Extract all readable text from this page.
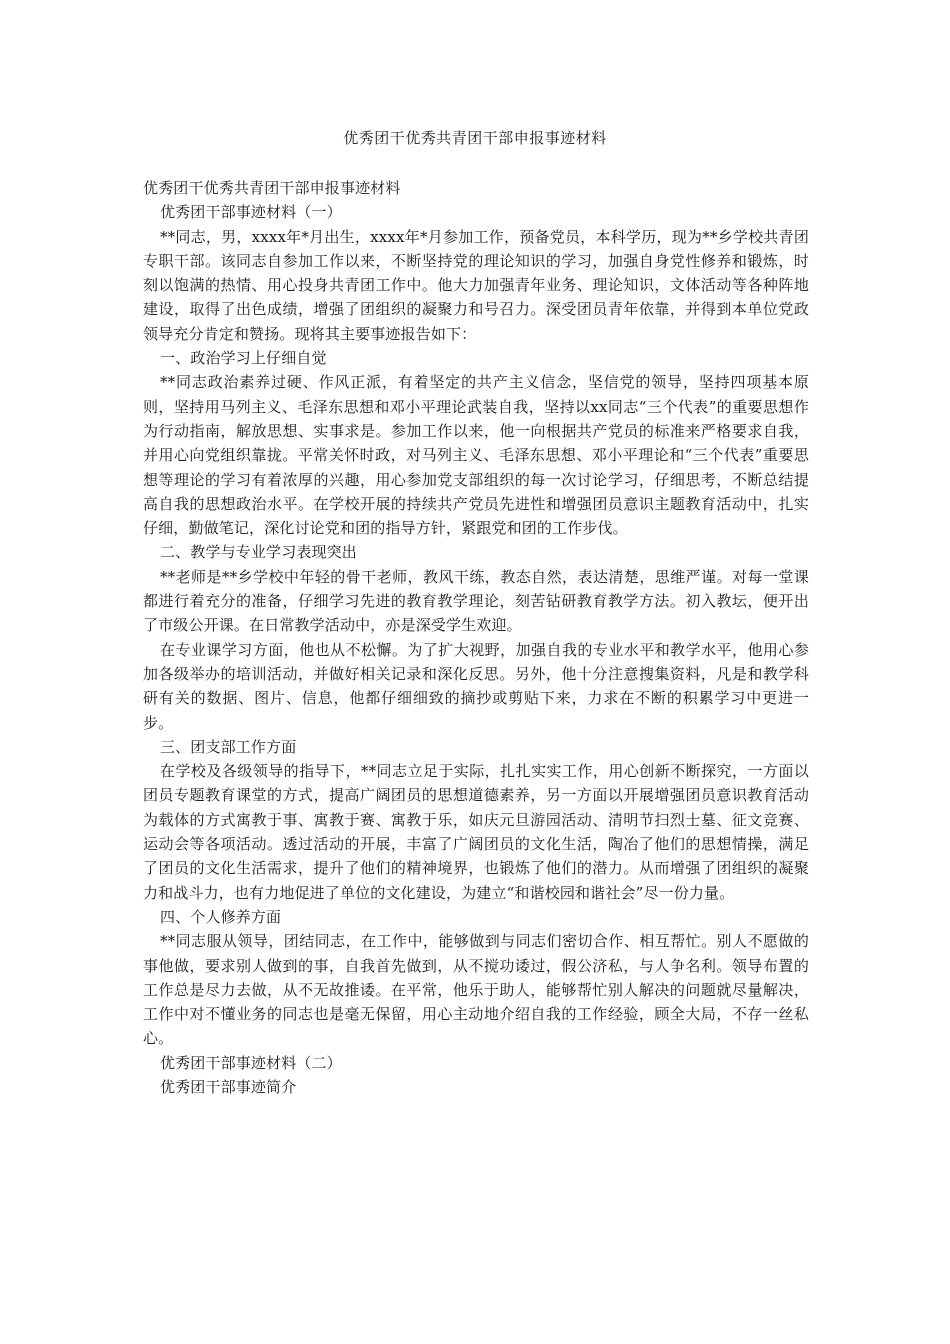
优秀团干优秀共青团干部申报事迹材料

优秀团干优秀共青团干部申报事迹材料

优秀团干部事迹材料（一）

**同志，男，xxxx年*月出生，xxxx年*月参加工作，预备党员，本科学历，现为**乡学校共青团专职干部。该同志自参加工作以来，不断坚持党的理论知识的学习，加强自身党性修养和锻炼，时刻以饱满的热情、用心投身共青团工作中。他大力加强青年业务、理论知识，文体活动等各种阵地建设，取得了出色成绩，增强了团组织的凝聚力和号召力。深受团员青年依靠，并得到本单位党政领导充分肯定和赞扬。现将其主要事迹报告如下：

一、政治学习上仔细自觉

**同志政治素养过硬、作风正派，有着坚定的共产主义信念，坚信党的领导，坚持四项基本原则，坚持用马列主义、毛泽东思想和邓小平理论武装自我，坚持以xx同志“三个代表”的重要思想作为行动指南，解放思想、实事求是。参加工作以来，他一向根据共产党员的标准来严格要求自我，并用心向党组织靠拢。平常关怀时政，对马列主义、毛泽东思想、邓小平理论和“三个代表”重要思想等理论的学习有着浓厚的兴趣，用心参加党支部组织的每一次讨论学习，仔细思考，不断总结提高自我的思想政治水平。在学校开展的持续共产党员先进性和增强团员意识主题教育活动中，扎实仔细，勤做笔记，深化讨论党和团的指导方针，紧跟党和团的工作步伐。

二、教学与专业学习表现突出

**老师是**乡学校中年轻的骨干老师，教风干练，教态自然，表达清楚，思维严谨。对每一堂课都进行着充分的准备，仔细学习先进的教育教学理论，刻苦钻研教育教学方法。初入教坛，便开出了市级公开课。在日常教学活动中，亦是深受学生欢迎。

在专业课学习方面，他也从不松懈。为了扩大视野，加强自我的专业水平和教学水平，他用心参加各级举办的培训活动，并做好相关记录和深化反思。另外，他十分注意搜集资料，凡是和教学科研有关的数据、图片、信息，他都仔细细致的摘抄或剪贴下来，力求在不断的积累学习中更进一步。

三、团支部工作方面

在学校及各级领导的指导下，**同志立足于实际，扎扎实实工作，用心创新不断探究，一方面以团员专题教育课堂的方式，提高广阔团员的思想道德素养，另一方面以开展增强团员意识教育活动为载体的方式寓教于事、寓教于赛、寓教于乐，如庆元旦游园活动、清明节扫烈士墓、征文竞赛、运动会等各项活动。透过活动的开展，丰富了广阔团员的文化生活，陶冶了他们的思想情操，满足了团员的文化生活需求，提升了他们的精神境界，也锻炼了他们的潜力。从而增强了团组织的凝聚力和战斗力，也有力地促进了单位的文化建设，为建立“和谐校园和谐社会”尽一份力量。

四、个人修养方面

**同志服从领导，团结同志，在工作中，能够做到与同志们密切合作、相互帮忙。别人不愿做的事他做，要求别人做到的事，自我首先做到，从不搅功诿过，假公济私，与人争名利。领导布置的工作总是尽力去做，从不无故推诿。在平常，他乐于助人，能够帮忙别人解决的问题就尽量解决，工作中对不懂业务的同志也是毫无保留，用心主动地介绍自我的工作经验，顾全大局，不存一丝私心。

优秀团干部事迹材料（二）

优秀团干部事迹简介
